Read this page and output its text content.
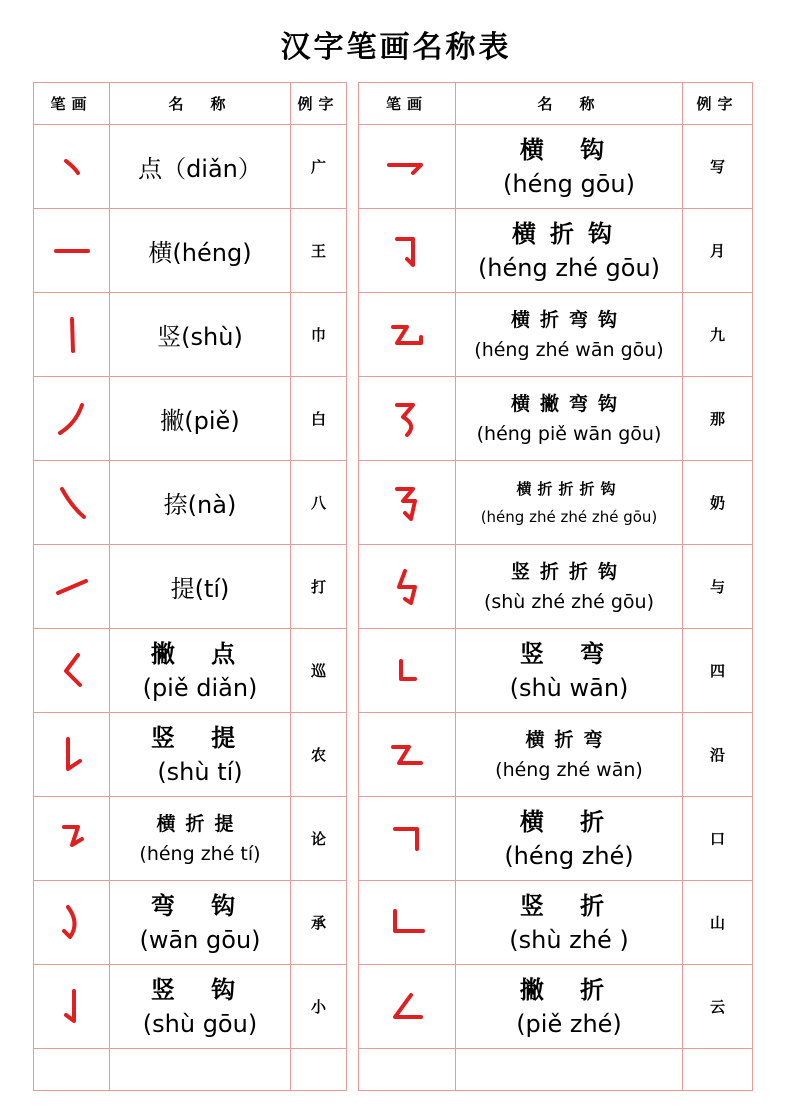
汉字笔画名称表
笔画	名　称	例字

	点（diǎn）	广

	横(héng)	王

	竖(shù)	巾

	撇(piě)	白

	捺(nà)	八

	提(tí)	打

撇 点
(piě diǎn)	巡

竖 提
(shù tí)	农

横折提
(héng zhé tí)	论

弯 钩
(wān gōu)	承

竖 钩
(shù gōu)	小

笔画	名　称	例字

横 钩
(héng gōu)	写

横折钩
(héng zhé gōu)	月

横折弯钩
(héng zhé wān gōu)	九

横撇弯钩
(héng piě wān gōu)	那

横折折折钩
(héng zhé zhé zhé gōu)	奶

竖折折钩
(shù zhé zhé gōu)	与

竖 弯
(shù wān)	四

横折弯
(héng zhé wān)	沿

横 折
(héng zhé)	口

竖 折
(shù zhé )	山

撇 折
(piě zhé)	云
